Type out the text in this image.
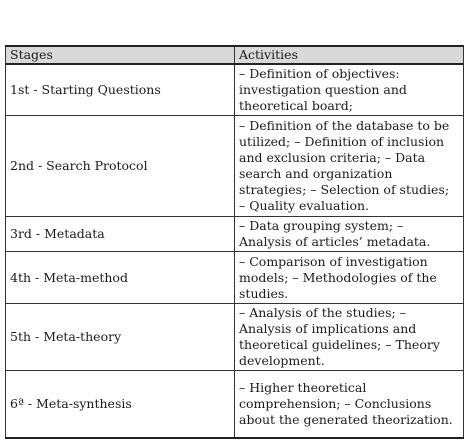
Stages	Activities
1st - Starting Questions	– Definition of objectives: investigation question and theoretical board;
2nd - Search Protocol	– Definition of the database to be utilized; – Definition of inclusion and exclusion criteria; – Data search and organization strategies; – Selection of studies; – Quality evaluation.
3rd - Metadata	– Data grouping system; – Analysis of articles’ metadata.
4th - Meta-method	– Comparison of investigation models; – Methodologies of the studies.
5th - Meta-theory	– Analysis of the studies; – Analysis of implications and theoretical guidelines; – Theory development.
6ª - Meta-synthesis	– Higher theoretical comprehension; – Conclusions about the generated theorization.
